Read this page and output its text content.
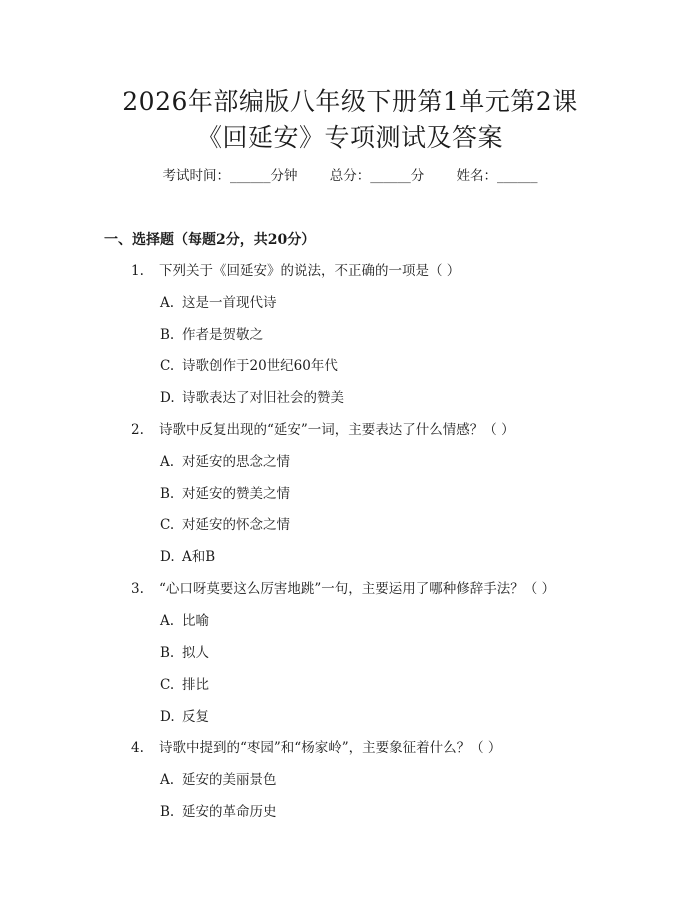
2026年部编版八年级下册第1单元第2课
《回延安》专项测试及答案
考试时间：______分钟 总分：______分 姓名：______
一、选择题（每题2分，共20分）
1. 下列关于《回延安》的说法，不正确的一项是（ ）
A. 这是一首现代诗
B. 作者是贺敬之
C. 诗歌创作于20世纪60年代
D. 诗歌表达了对旧社会的赞美
2. 诗歌中反复出现的“延安”一词，主要表达了什么情感？（ ）
A. 对延安的思念之情
B. 对延安的赞美之情
C. 对延安的怀念之情
D. A和B
3. “心口呀莫要这么厉害地跳”一句，主要运用了哪种修辞手法？（ ）
A. 比喻
B. 拟人
C. 排比
D. 反复
4. 诗歌中提到的“枣园”和“杨家岭”，主要象征着什么？（ ）
A. 延安的美丽景色
B. 延安的革命历史
